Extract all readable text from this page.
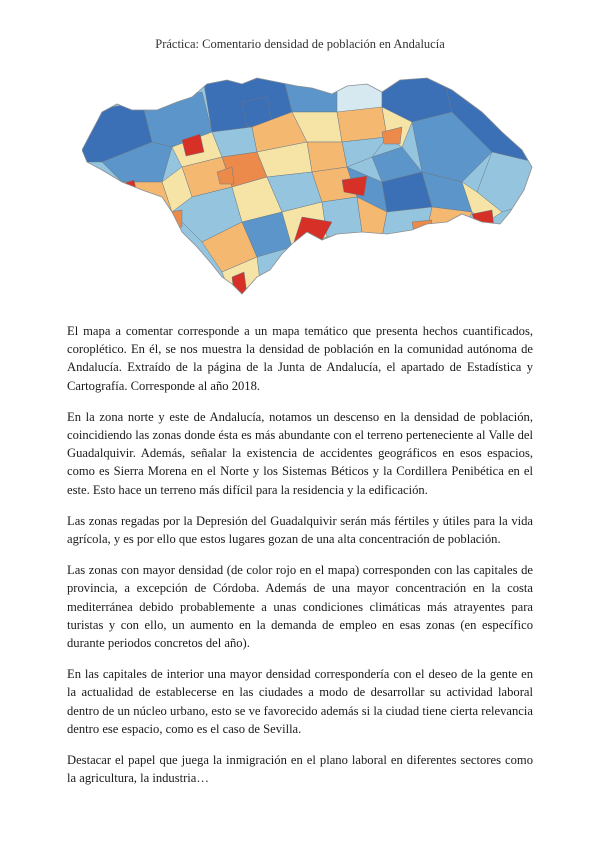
Práctica: Comentario densidad de población en Andalucía

El mapa a comentar corresponde a un mapa temático que presenta hechos cuantificados, coroplético. En él, se nos muestra la densidad de población en la comunidad autónoma de Andalucía. Extraído de la página de la Junta de Andalucía, el apartado de Estadística y Cartografía. Corresponde al año 2018.

En la zona norte y este de Andalucía, notamos un descenso en la densidad de población, coincidiendo las zonas donde ésta es más abundante con el terreno perteneciente al Valle del Guadalquivir. Además, señalar la existencia de accidentes geográficos en esos espacios, como es Sierra Morena en el Norte y los Sistemas Béticos y la Cordillera Penibética en el este. Esto hace un terreno más difícil para la residencia y la edificación.

Las zonas regadas por la Depresión del Guadalquivir serán más fértiles y útiles para la vida agrícola, y es por ello que estos lugares gozan de una alta concentración de población.

Las zonas con mayor densidad (de color rojo en el mapa) corresponden con las capitales de provincia, a excepción de Córdoba. Además de una mayor concentración en la costa mediterránea debido probablemente a unas condiciones climáticas más atrayentes para turistas y con ello, un aumento en la demanda de empleo en esas zonas (en específico durante periodos concretos del año).

En las capitales de interior una mayor densidad correspondería con el deseo de la gente en la actualidad de establecerse en las ciudades a modo de desarrollar su actividad laboral dentro de un núcleo urbano, esto se ve favorecido además si la ciudad tiene cierta relevancia dentro ese espacio, como es el caso de Sevilla.

Destacar el papel que juega la inmigración en el plano laboral en diferentes sectores como la agricultura, la industria…
